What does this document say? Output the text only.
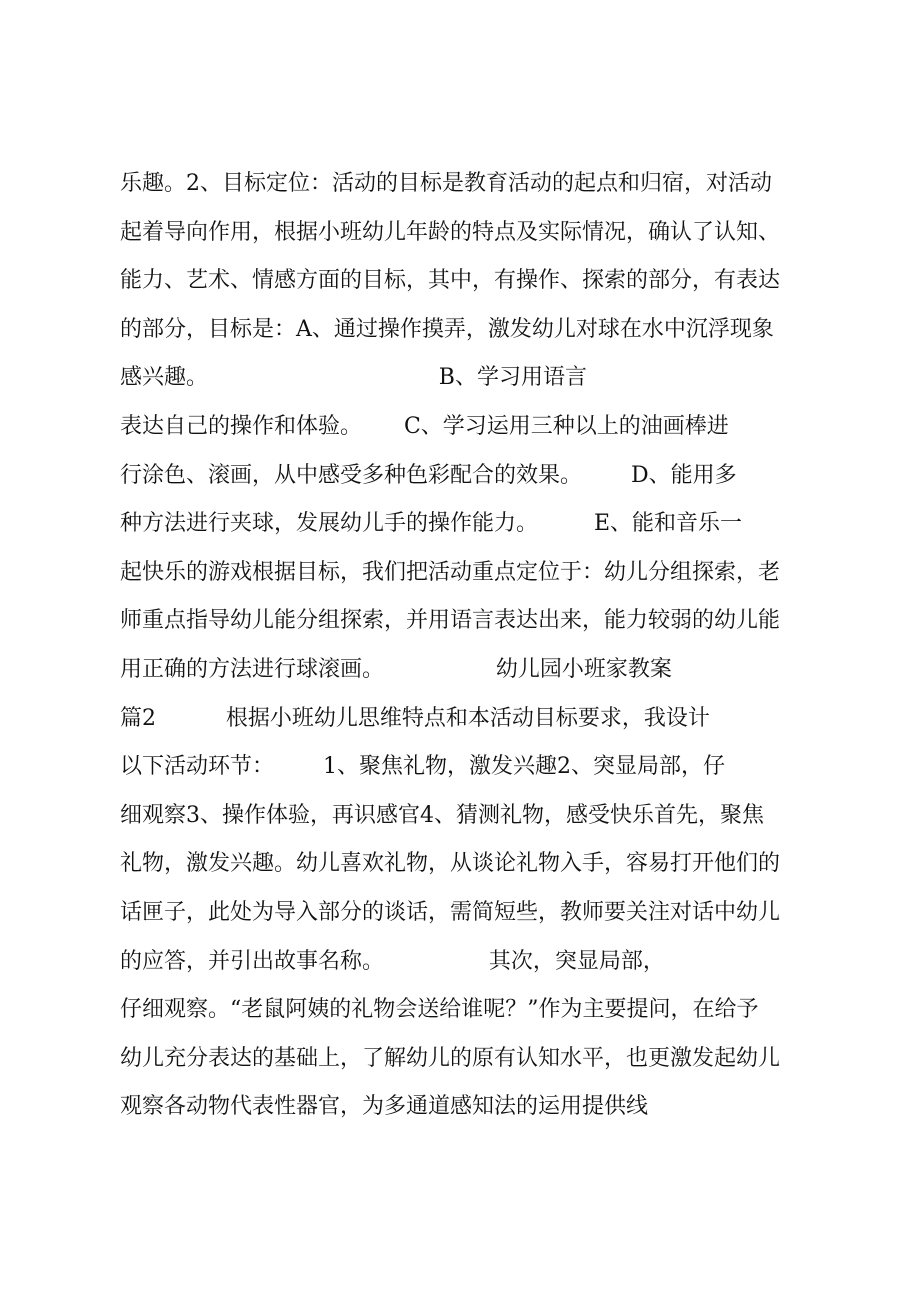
乐趣。2、目标定位：活动的目标是教育活动的起点和归宿，对活动
起着导向作用，根据小班幼儿年龄的特点及实际情况，确认了认知、
能力、艺术、情感方面的目标，其中，有操作、探索的部分，有表达
的部分，目标是：A、通过操作摸弄，激发幼儿对球在水中沉浮现象
感兴趣。                                 B、学习用语言
表达自己的操作和体验。      C、学习运用三种以上的油画棒进
行涂色、滚画，从中感受多种色彩配合的效果。       D、能用多
种方法进行夹球，发展幼儿手的操作能力。        E、能和音乐一
起快乐的游戏根据目标，我们把活动重点定位于：幼儿分组探索，老
师重点指导幼儿能分组探索，并用语言表达出来，能力较弱的幼儿能
用正确的方法进行球滚画。                幼儿园小班家教案
篇2          根据小班幼儿思维特点和本活动目标要求，我设计
以下活动环节：       1、聚焦礼物，激发兴趣2、突显局部，仔
细观察3、操作体验，再识感官4、猜测礼物，感受快乐首先，聚焦
礼物，激发兴趣。幼儿喜欢礼物，从谈论礼物入手，容易打开他们的
话匣子，此处为导入部分的谈话，需简短些，教师要关注对话中幼儿
的应答，并引出故事名称。               其次，突显局部，
仔细观察。“老鼠阿姨的礼物会送给谁呢？”作为主要提问，在给予
幼儿充分表达的基础上，了解幼儿的原有认知水平，也更激发起幼儿
观察各动物代表性器官，为多通道感知法的运用提供线
